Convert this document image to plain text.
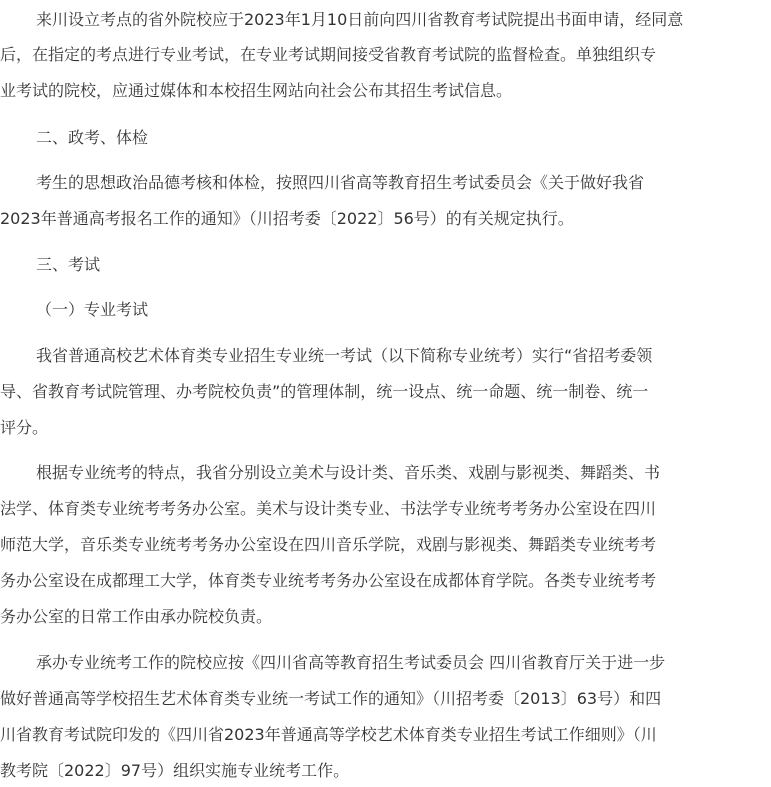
来川设立考点的省外院校应于2023年1月10日前向四川省教育考试院提出书面申请，经同意
后，在指定的考点进行专业考试，在专业考试期间接受省教育考试院的监督检查。单独组织专
业考试的院校，应通过媒体和本校招生网站向社会公布其招生考试信息。
二、政考、体检
考生的思想政治品德考核和体检，按照四川省高等教育招生考试委员会《关于做好我省
2023年普通高考报名工作的通知》（川招考委〔2022〕56号）的有关规定执行。
三、考试
（一）专业考试
我省普通高校艺术体育类专业招生专业统一考试（以下简称专业统考）实行“省招考委领
导、省教育考试院管理、办考院校负责”的管理体制，统一设点、统一命题、统一制卷、统一
评分。
根据专业统考的特点，我省分别设立美术与设计类、音乐类、戏剧与影视类、舞蹈类、书
法学、体育类专业统考考务办公室。美术与设计类专业、书法学专业统考考务办公室设在四川
师范大学，音乐类专业统考考务办公室设在四川音乐学院，戏剧与影视类、舞蹈类专业统考考
务办公室设在成都理工大学，体育类专业统考考务办公室设在成都体育学院。各类专业统考考
务办公室的日常工作由承办院校负责。
承办专业统考工作的院校应按《四川省高等教育招生考试委员会 四川省教育厅关于进一步
做好普通高等学校招生艺术体育类专业统一考试工作的通知》（川招考委〔2013〕63号）和四
川省教育考试院印发的《四川省2023年普通高等学校艺术体育类专业招生考试工作细则》（川
教考院〔2022〕97号）组织实施专业统考工作。
